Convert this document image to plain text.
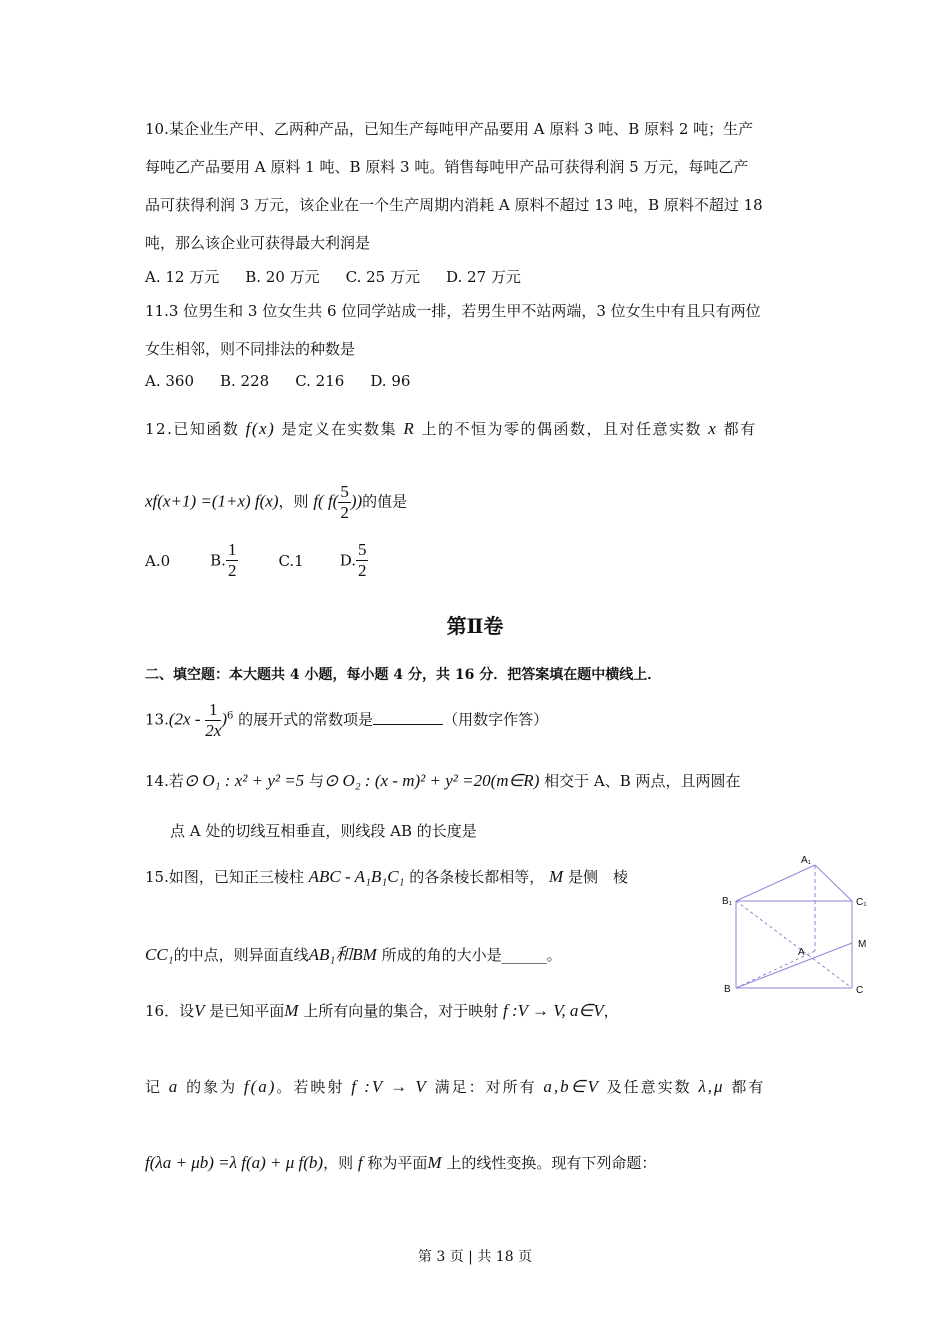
10.某企业生产甲、乙两种产品，已知生产每吨甲产品要用 A 原料 3 吨、B 原料 2 吨；生产
每吨乙产品要用 A 原料 1 吨、B 原料 3 吨。销售每吨甲产品可获得利润 5 万元，每吨乙产
品可获得利润 3 万元，该企业在一个生产周期内消耗 A 原料不超过 13 吨，B 原料不超过 18
吨，那么该企业可获得最大利润是
A. 12 万元 B. 20 万元 C. 25 万元 D. 27 万元
11.3 位男生和 3 位女生共 6 位同学站成一排，若男生甲不站两端，3 位女生中有且只有两位
女生相邻，则不同排法的种数是
A. 360 B. 228 C. 216 D. 96
12.已知函数 f(x) 是定义在实数集 R 上的不恒为零的偶函数，且对任意实数 x 都有
xf(x+1) =(1+x) f(x)，则 f( $f( \frac{5}{2}$ ))的值是
A.0	B. $\frac{1}{2}$	C.1 D. $\frac{5}{2}$
第Ⅱ卷
二、填空题：本大题共 4 小题，每小题 4 分，共 16 分．把答案填在题中横线上．
$13.(2x - \frac{1}{2x} )^6$ 的展开式的常数项是	（用数字作答）
14.若⊙ O₁ : x² + y² =5 与⊙ O₂ : (x - m)² + y² =20(m∈R) 相交于 A、B 两点，且两圆在
点 A 处的切线互相垂直，则线段 AB 的长度是
15.如图，已知正三棱柱 ABC - A₁B₁C₁ 的各条棱长都相等， M 是侧　棱
CC₁的中点，则异面直线AB₁和BM 所成的角的大小是______。
A₁
B₁	C₁
A
M
B	C
16．设V 是已知平面M 上所有向量的集合，对于映射 f :V → V, a∈V，
记 a 的象为 f(a)。若映射 f :V → V 满足：对所有 a,b∈V 及任意实数 λ,μ 都有
f(λa + μb) =λ f(a) + μ f(b)，则 f 称为平面M 上的线性变换。现有下列命题：
第 3 页 | 共 18 页
